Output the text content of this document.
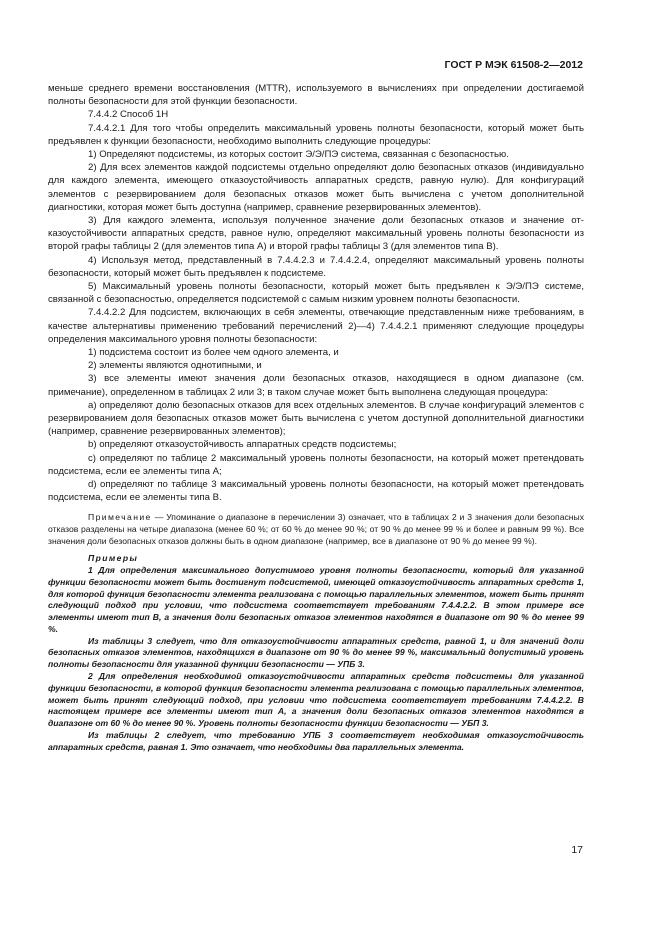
ГОСТ Р МЭК 61508-2—2012

меньше среднего времени восстановления (MTTR), используемого в вычислениях при определении достигаемой полноты безопасности для этой функции безопасности.

7.4.4.2 Способ 1H

7.4.4.2.1 Для того чтобы определить максимальный уровень полноты безопасности, который может быть предъявлен к функции безопасности, необходимо выполнить следующие процедуры:

1) Определяют подсистемы, из которых состоит Э/Э/ПЭ система, связанная с безопасностью.

2) Для всех элементов каждой подсистемы отдельно определяют долю безопасных отказов (индивидуально для каждого элемента, имеющего отказоустойчивость аппаратных средств, равную нулю). Для конфигураций элементов с резервированием доля безопасных отказов может быть вычислена с учетом дополнительной диагностики, которая может быть доступна (например, сравнение резервированных элементов).

3) Для каждого элемента, используя полученное значение доли безопасных отказов и значение отказоустойчивости аппаратных средств, равное нулю, определяют максимальный уровень полноты безопасности из второй графы таблицы 2 (для элементов типа А) и второй графы таблицы 3 (для элементов типа В).

4) Используя метод, представленный в 7.4.4.2.3 и 7.4.4.2.4, определяют максимальный уровень полноты безопасности, который может быть предъявлен к подсистеме.

5) Максимальный уровень полноты безопасности, который может быть предъявлен к Э/Э/ПЭ системе, связанной с безопасностью, определяется подсистемой с самым низким уровнем полноты безопасности.

7.4.4.2.2 Для подсистем, включающих в себя элементы, отвечающие представленным ниже требованиям, в качестве альтернативы применению требований перечислений 2)—4) 7.4.4.2.1 применяют следующие процедуры определения максимального уровня полноты безопасности:

1) подсистема состоит из более чем одного элемента, и

2) элементы являются однотипными, и

3) все элементы имеют значения доли безопасных отказов, находящиеся в одном диапазоне (см. примечание), определенном в таблицах 2 или 3; в таком случае может быть выполнена следующая процедура:

a) определяют долю безопасных отказов для всех отдельных элементов. В случае конфигураций элементов с резервированием доля безопасных отказов может быть вычислена с учетом доступной дополнительной диагностики (например, сравнение резервированных элементов);

b) определяют отказоустойчивость аппаратных средств подсистемы;

c) определяют по таблице 2 максимальный уровень полноты безопасности, на который может претендовать подсистема, если ее элементы типа А;

d) определяют по таблице 3 максимальный уровень полноты безопасности, на который может претендовать подсистема, если ее элементы типа В.

Примечание — Упоминание о диапазоне в перечислении 3) означает, что в таблицах 2 и 3 значения доли безопасных отказов разделены на четыре диапазона (менее 60 %; от 60 % до менее 90 %; от 90 % до менее 99 % и более и равным 99 %). Все значения доли безопасных отказов должны быть в одном диапазоне (например, все в диапазоне от 90 % до менее 99 %).

Примеры

1 Для определения максимального допустимого уровня полноты безопасности, который для указанной функции безопасности может быть достигнут подсистемой, имеющей отказоустойчивость аппаратных средств 1, для которой функция безопасности элемента реализована с помощью параллельных элементов, может быть принят следующий подход при условии, что подсистема соответствует требованиям 7.4.4.2.2. В этом примере все элементы имеют тип В, а значения доли безопасных отказов элементов находятся в диапазоне от 90 % до менее 99 %.

Из таблицы 3 следует, что для отказоустойчивости аппаратных средств, равной 1, и для значений доли безопасных отказов элементов, находящихся в диапазоне от 90 % до менее 99 %, максимальный допустимый уровень полноты безопасности для указанной функции безопасности — УПБ 3.

2 Для определения необходимой отказоустойчивости аппаратных средств подсистемы для указанной функции безопасности, в которой функция безопасности элемента реализована с помощью параллельных элементов, может быть принят следующий подход, при условии что подсистема соответствует требованиям 7.4.4.2.2. В настоящем примере все элементы имеют тип А, а значения доли безопасных отказов элементов находятся в диапазоне от 60 % до менее 90 %. Уровень полноты безопасности функции безопасности — УБП 3.

Из таблицы 2 следует, что требованию УПБ 3 соответствует необходимая отказоустойчивость аппаратных средств, равная 1. Это означает, что необходимы два параллельных элемента.

17
